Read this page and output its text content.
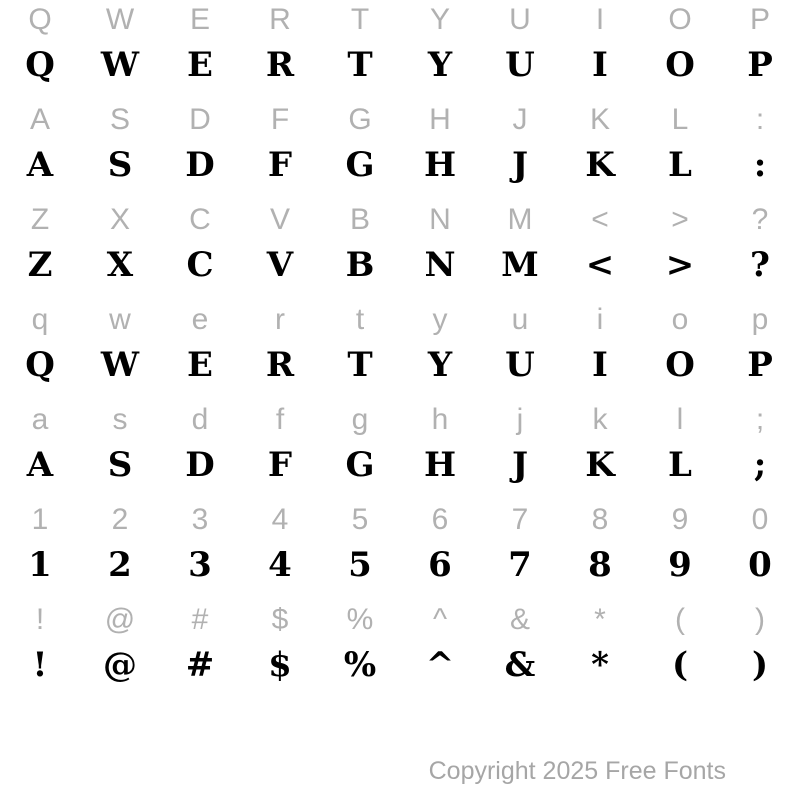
Q	W	E	R	T	Y	U	I	O	P
Q	W	E	R	T	Y	U	I	O	P
A	S	D	F	G	H	J	K	L	:
A	S	D	F	G	H	J	K	L	:
Z	X	C	V	B	N	M	<	>	?
Z	X	C	V	B	N	M	<	>	?
q	w	e	r	t	y	u	i	o	p
Q	W	E	R	T	Y	U	I	O	P
a	s	d	f	g	h	j	k	l	;
A	S	D	F	G	H	J	K	L	;
1	2	3	4	5	6	7	8	9	0
1	2	3	4	5	6	7	8	9	0
!	@	#	$	%	^	&	*	(	)
!	@	#	$	%	^	&	*	(	)
Copyright 2025 Free Fonts
